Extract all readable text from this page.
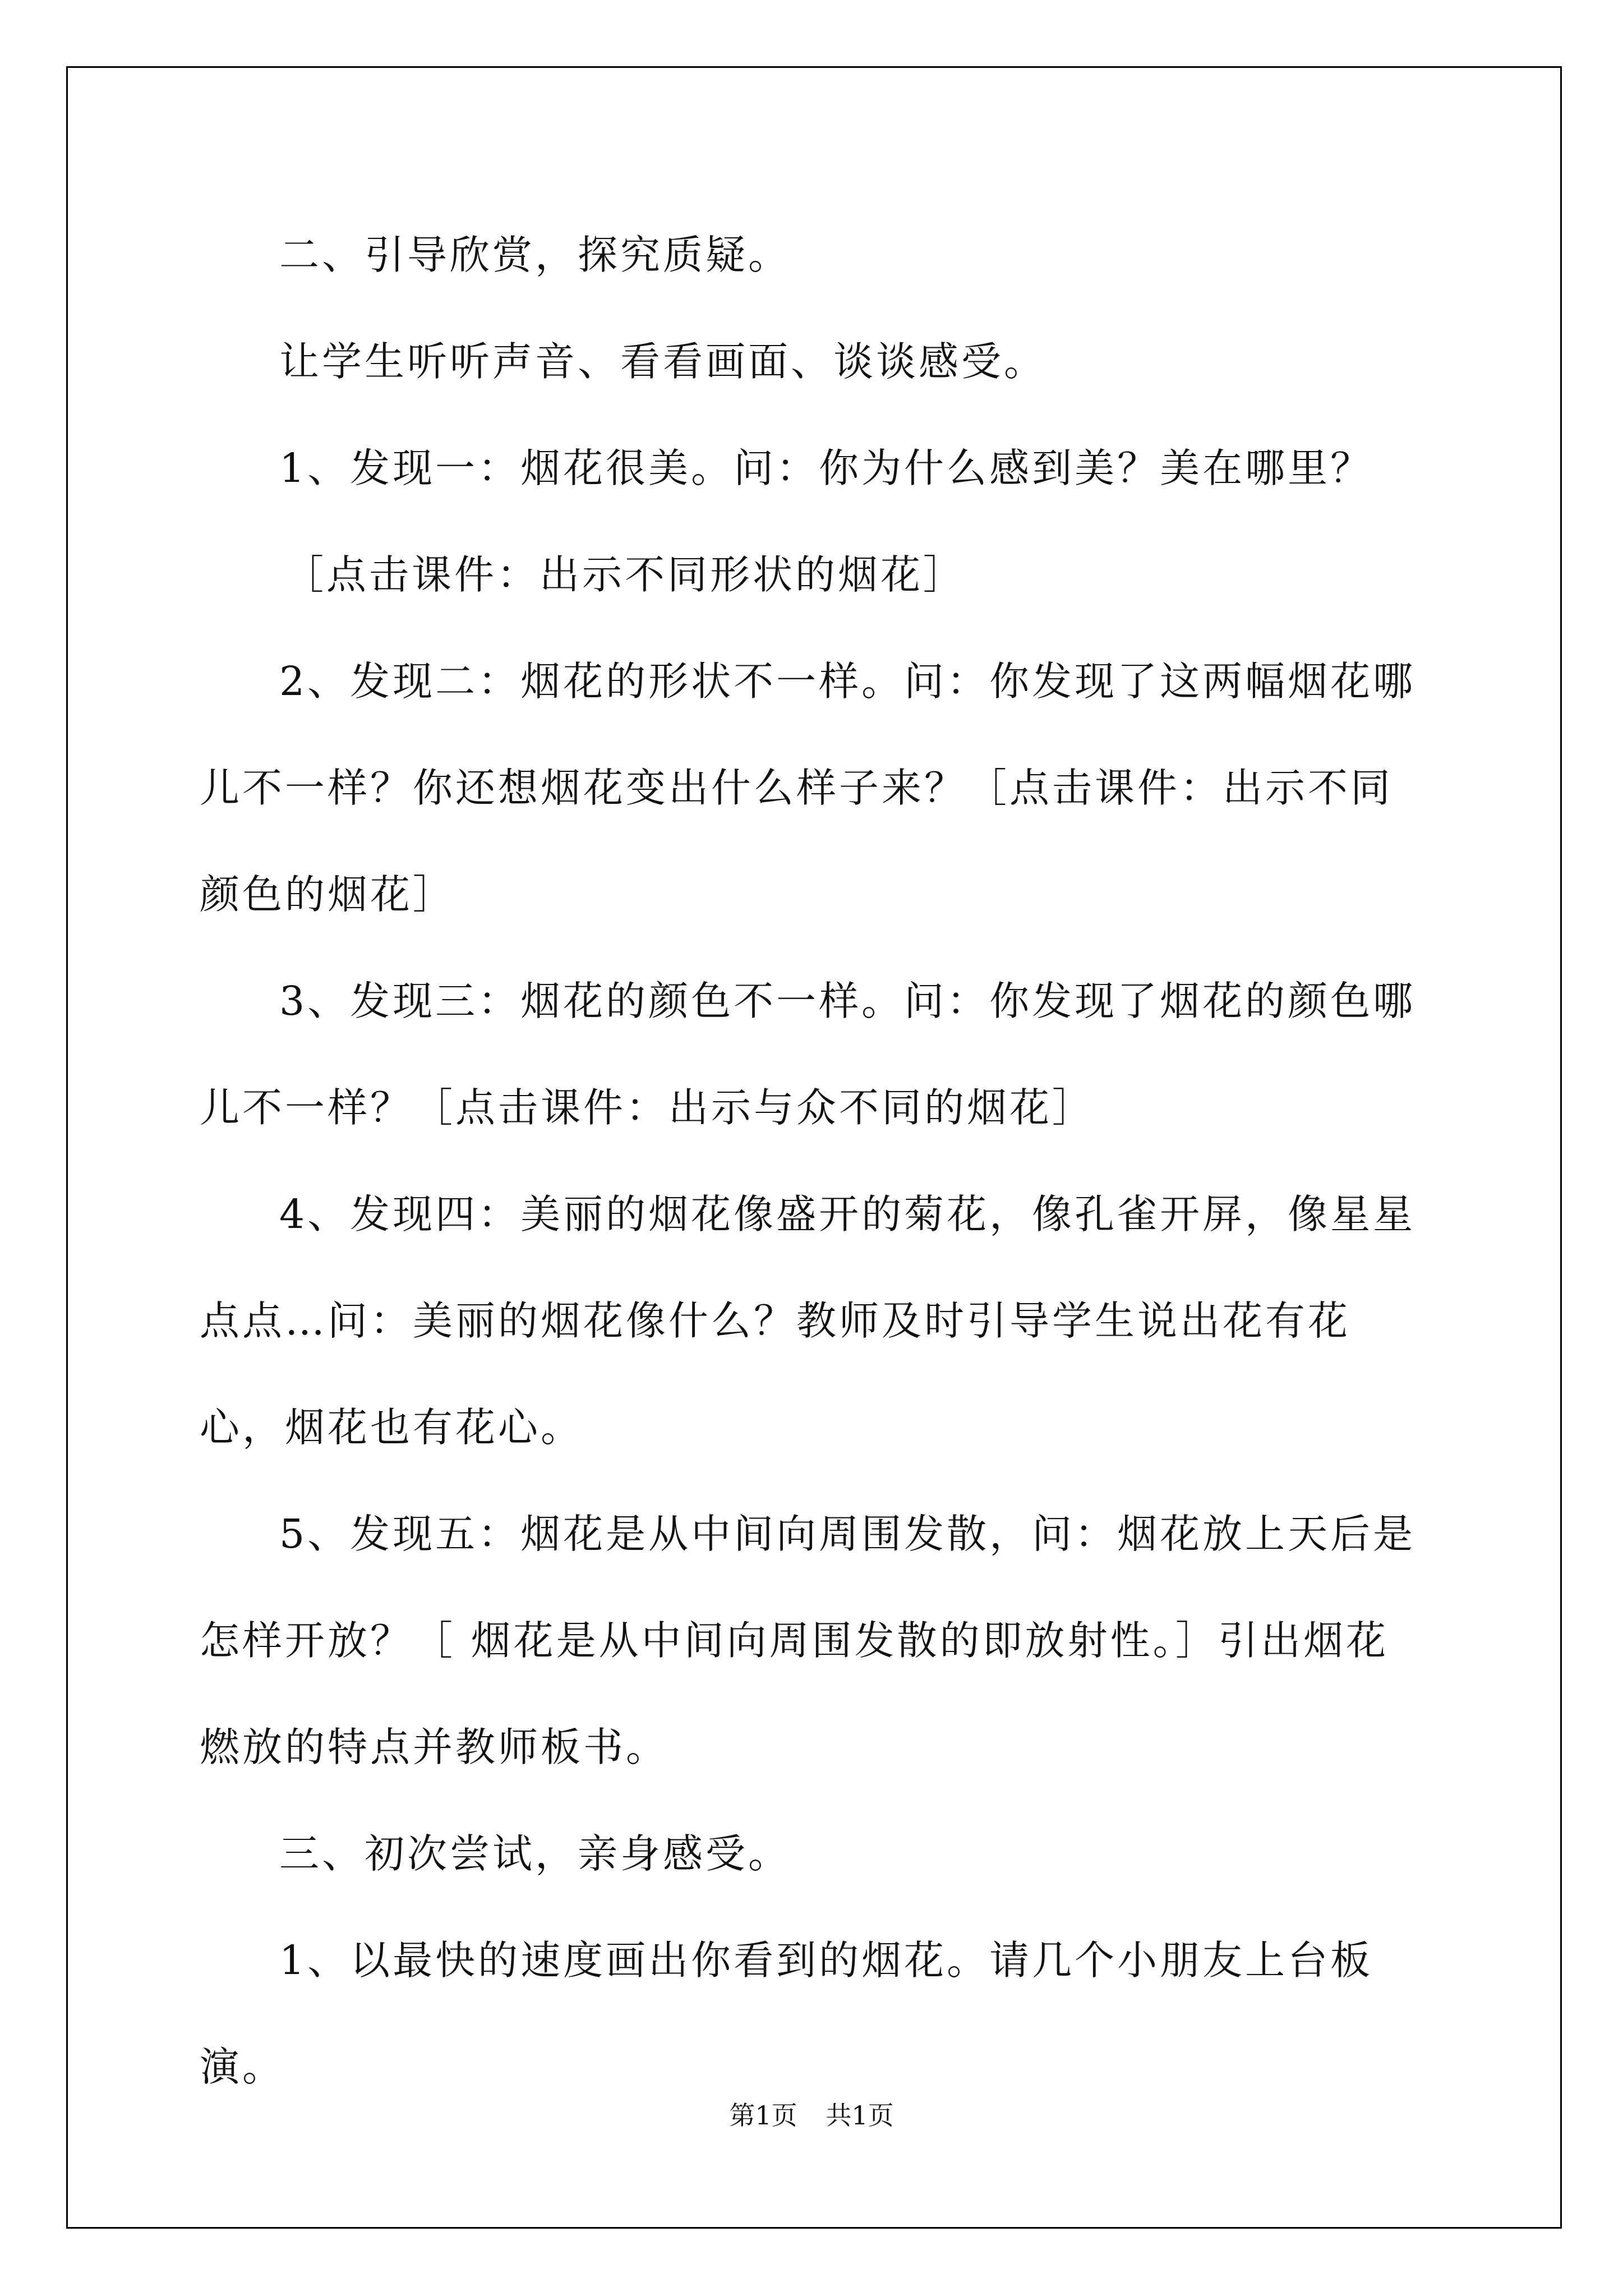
二、引导欣赏，探究质疑。

让学生听听声音、看看画面、谈谈感受。

1、发现一：烟花很美。问：你为什么感到美？美在哪里？

［点击课件：出示不同形状的烟花］

2、发现二：烟花的形状不一样。问：你发现了这两幅烟花哪儿不一样？你还想烟花变出什么样子来？［点击课件：出示不同颜色的烟花］

3、发现三：烟花的颜色不一样。问：你发现了烟花的颜色哪儿不一样？［点击课件：出示与众不同的烟花］

4、发现四：美丽的烟花像盛开的菊花，像孔雀开屏，像星星点点…问：美丽的烟花像什么？教师及时引导学生说出花有花心，烟花也有花心。

5、发现五：烟花是从中间向周围发散，问：烟花放上天后是怎样开放？［ 烟花是从中间向周围发散的即放射性。］引出烟花燃放的特点并教师板书。

三、初次尝试，亲身感受。

1、以最快的速度画出你看到的烟花。请几个小朋友上台板演。

第1页 共1页
